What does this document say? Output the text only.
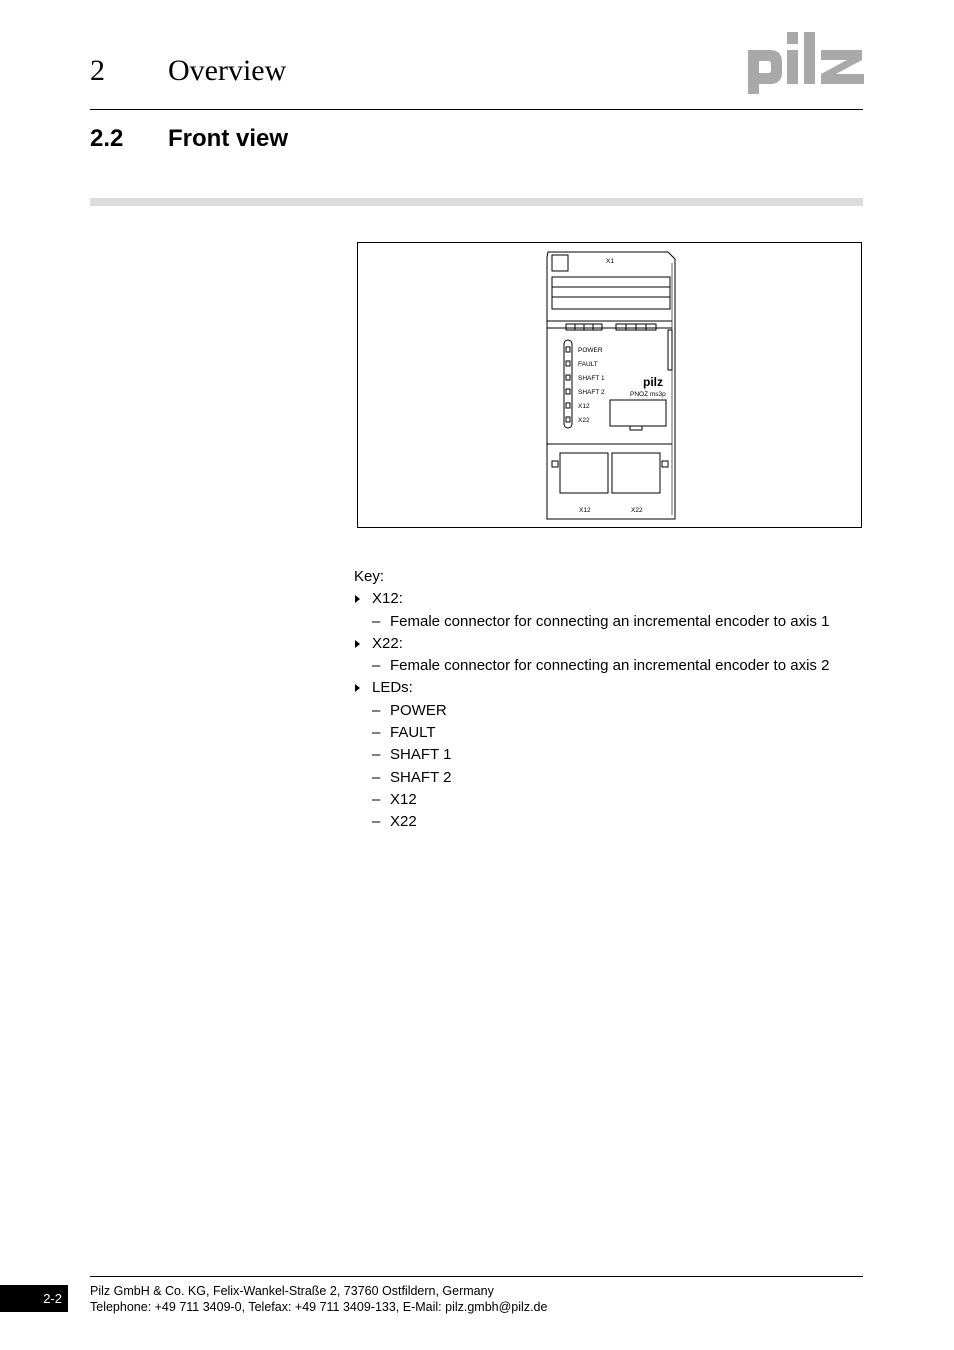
2 Overview
2.2 Front view
X1
POWER
FAULT
SHAFT 1
SHAFT 2
X12
X22
pilz
PNOZ ms3p
X12	X22
Key:
X12:
– Female connector for connecting an incremental encoder to axis 1
X22:
– Female connector for connecting an incremental encoder to axis 2
LEDs:
– POWER
– FAULT
– SHAFT 1
– SHAFT 2
– X12
– X22
2-2	Pilz GmbH & Co. KG, Felix-Wankel-Straße 2, 73760 Ostfildern, Germany
Telephone: +49 711 3409-0, Telefax: +49 711 3409-133, E-Mail: pilz.gmbh@pilz.de
